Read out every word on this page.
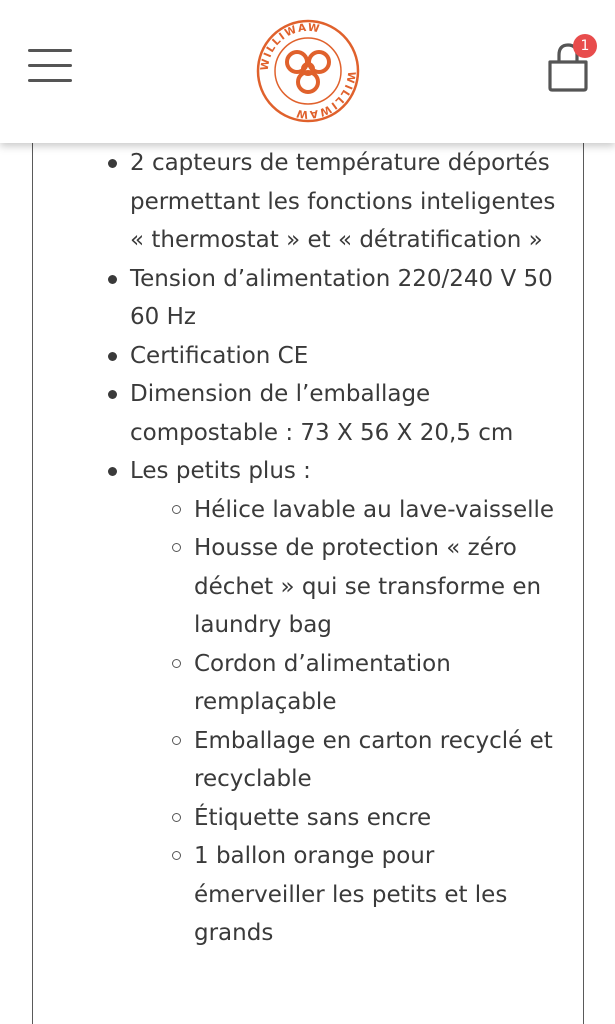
WILLIWAW
WILLIWAW
1
2 capteurs de température déportés permettant les fonctions inteligentes « thermostat » et « détratification »
Tension d’alimentation 220/240 V 50 60 Hz
Certification CE
Dimension de l’emballage compostable : 73 X 56 X 20,5 cm
Les petits plus :
Hélice lavable au lave-vaisselle
Housse de protection « zéro déchet » qui se transforme en laundry bag
Cordon d’alimentation remplaçable
Emballage en carton recyclé et recyclable
Étiquette sans encre
1 ballon orange pour émerveiller les petits et les grands
